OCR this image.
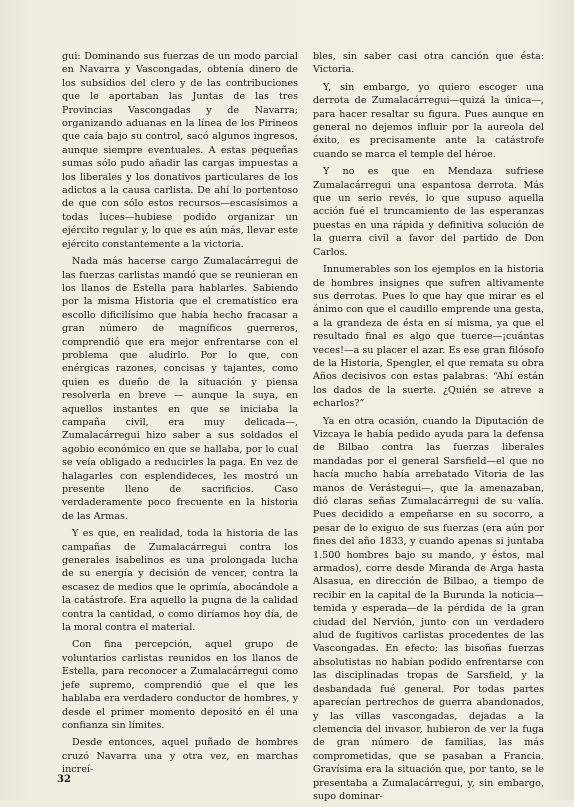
gui: Dominando sus fuerzas de un modo parcial en Navarra y Vascongadas, obtenía dinero de los subsidios del clero y de las contribuciones que le aportaban las Juntas de las tres Provincias Vascongadas y de Navarra; organizando aduanas en la línea de los Pirineos que caía bajo su control, sacó algunos ingresos, aunque siempre eventuales. A estas pequeñas sumas sólo pudo añadir las cargas impuestas a los liberales y los donativos particulares de los adictos a la causa carlista. De ahí lo portentoso de que con sólo estos recursos—escasísimos a todas luces—hubiese podido organizar un ejército regular y, lo que es aún más, llevar este ejército constantemente a la victoria.

Nada más hacerse cargo Zumalacárregui de las fuerzas carlistas mandó que se reunieran en los llanos de Estella para hablarles. Sabiendo por la misma Historia que el crematístico era escollo dificilísimo que había hecho fracasar a gran número de magníficos guerreros, comprendió que era mejor enfrentarse con el problema que aludirlo. Por lo que, con enérgicas razones, concisas y tajantes, como quien es dueño de la situación y piensa resolverla en breve — aunque la suya, en aquellos instantes en que se iniciaba la campaña civil, era muy delicada—, Zumalacárregui hizo saber a sus soldados el agobio económico en que se hallaba, por lo cual se veía obligado a reducirles la paga. En vez de halagarles con esplendideces, les mostró un presente lleno de sacrificios. Caso verdaderamente poco frecuente en la historia de las Armas.

Y es que, en realidad, toda la historia de las campañas de Zumalacárregui contra los generales isabelinos es una prolongada lucha de su energía y decisión de vencer, contra la escasez de medios que le oprimía, abocándole a la catástrofe. Era aquello la pugna de la calidad contra la cantidad, o como diríamos hoy día, de la moral contra el material.

Con fina percepción, aquel grupo de voluntarios carlistas reunidos en los llanos de Estella, para reconocer a Zumalacárregui como jefe supremo, comprendió que el que les hablaba era verdadero conductor de hombres, y desde el primer momento depositó en él una confianza sin límites.

Desde entonces, aquel puñado de hombres cruzó Navarra una y otra vez, en marchas increí-

bles, sin saber casi otra canción que ésta: Victoria.

Y, sin embargo, yo quiero escoger una derrota de Zumalacárregui—quizá la única—, para hacer resaltar su figura. Pues aunque en general no dejemos influir por la aureola del éxito, es precisamente ante la catástrofe cuando se marca el temple del héroe.

Y no es que en Mendaza sufriese Zumalacárregui una espantosa derrota. Más que un serio revés, lo que supuso aquella acción fué el truncamiento de las esperanzas puestas en una rápida y definitiva solución de la guerra civil a favor del partido de Don Carlos.

Innumerables son los ejemplos en la historia de hombres insignes que sufren altivamente sus derrotas. Pues lo que hay que mirar es el ánimo con que el caudillo emprende una gesta, a la grandeza de ésta en sí misma, ya que el resultado final es algo que tuerce—¡cuántas veces!—a su placer el azar. Es ese gran filósofo de la Historia, Spengler, el que remata su obra Años decisivos con estas palabras: “Ahí están los dados de la suerte. ¿Quién se atreve a echarlos?”

Ya en otra ocasión, cuando la Diputación de Vizcaya le había pedido ayuda para la defensa de Bilbao contra las fuerzas liberales mandadas por el general Sarsfield—el que no hacía mucho había arrebatado Vitoria de las manos de Verástegui—, que la amenazaban, dió claras señas Zumalacárregui de su valía. Pues decidido a empeñarse en su socorro, a pesar de lo exiguo de sus fuerzas (era aún por fines del año 1833, y cuando apenas si juntaba 1.500 hombres bajo su mando, y éstos, mal armados), corre desde Miranda de Arga hasta Alsasua, en dirección de Bilbao, a tiempo de recibir en la capital de la Burunda la noticia—temida y esperada—de la pérdida de la gran ciudad del Nervión, junto con un verdadero alud de fugitivos carlistas procedentes de las Vascongadas. En efecto; las bisoñas fuerzas absolutistas no habían podido enfrentarse con las disciplinadas tropas de Sarsfield, y la desbandada fué general. Por todas partes aparecían pertrechos de guerra abandonados, y las villas vascongadas, dejadas a la clemencia del invasor, hubieron de ver la fuga de gran número de familias, las más comprometidas, que se pasaban a Francia. Gravísima era la situación que, por tanto, se le presentaba a Zumalacárregui, y, sin embargo, supo dominar-

32
